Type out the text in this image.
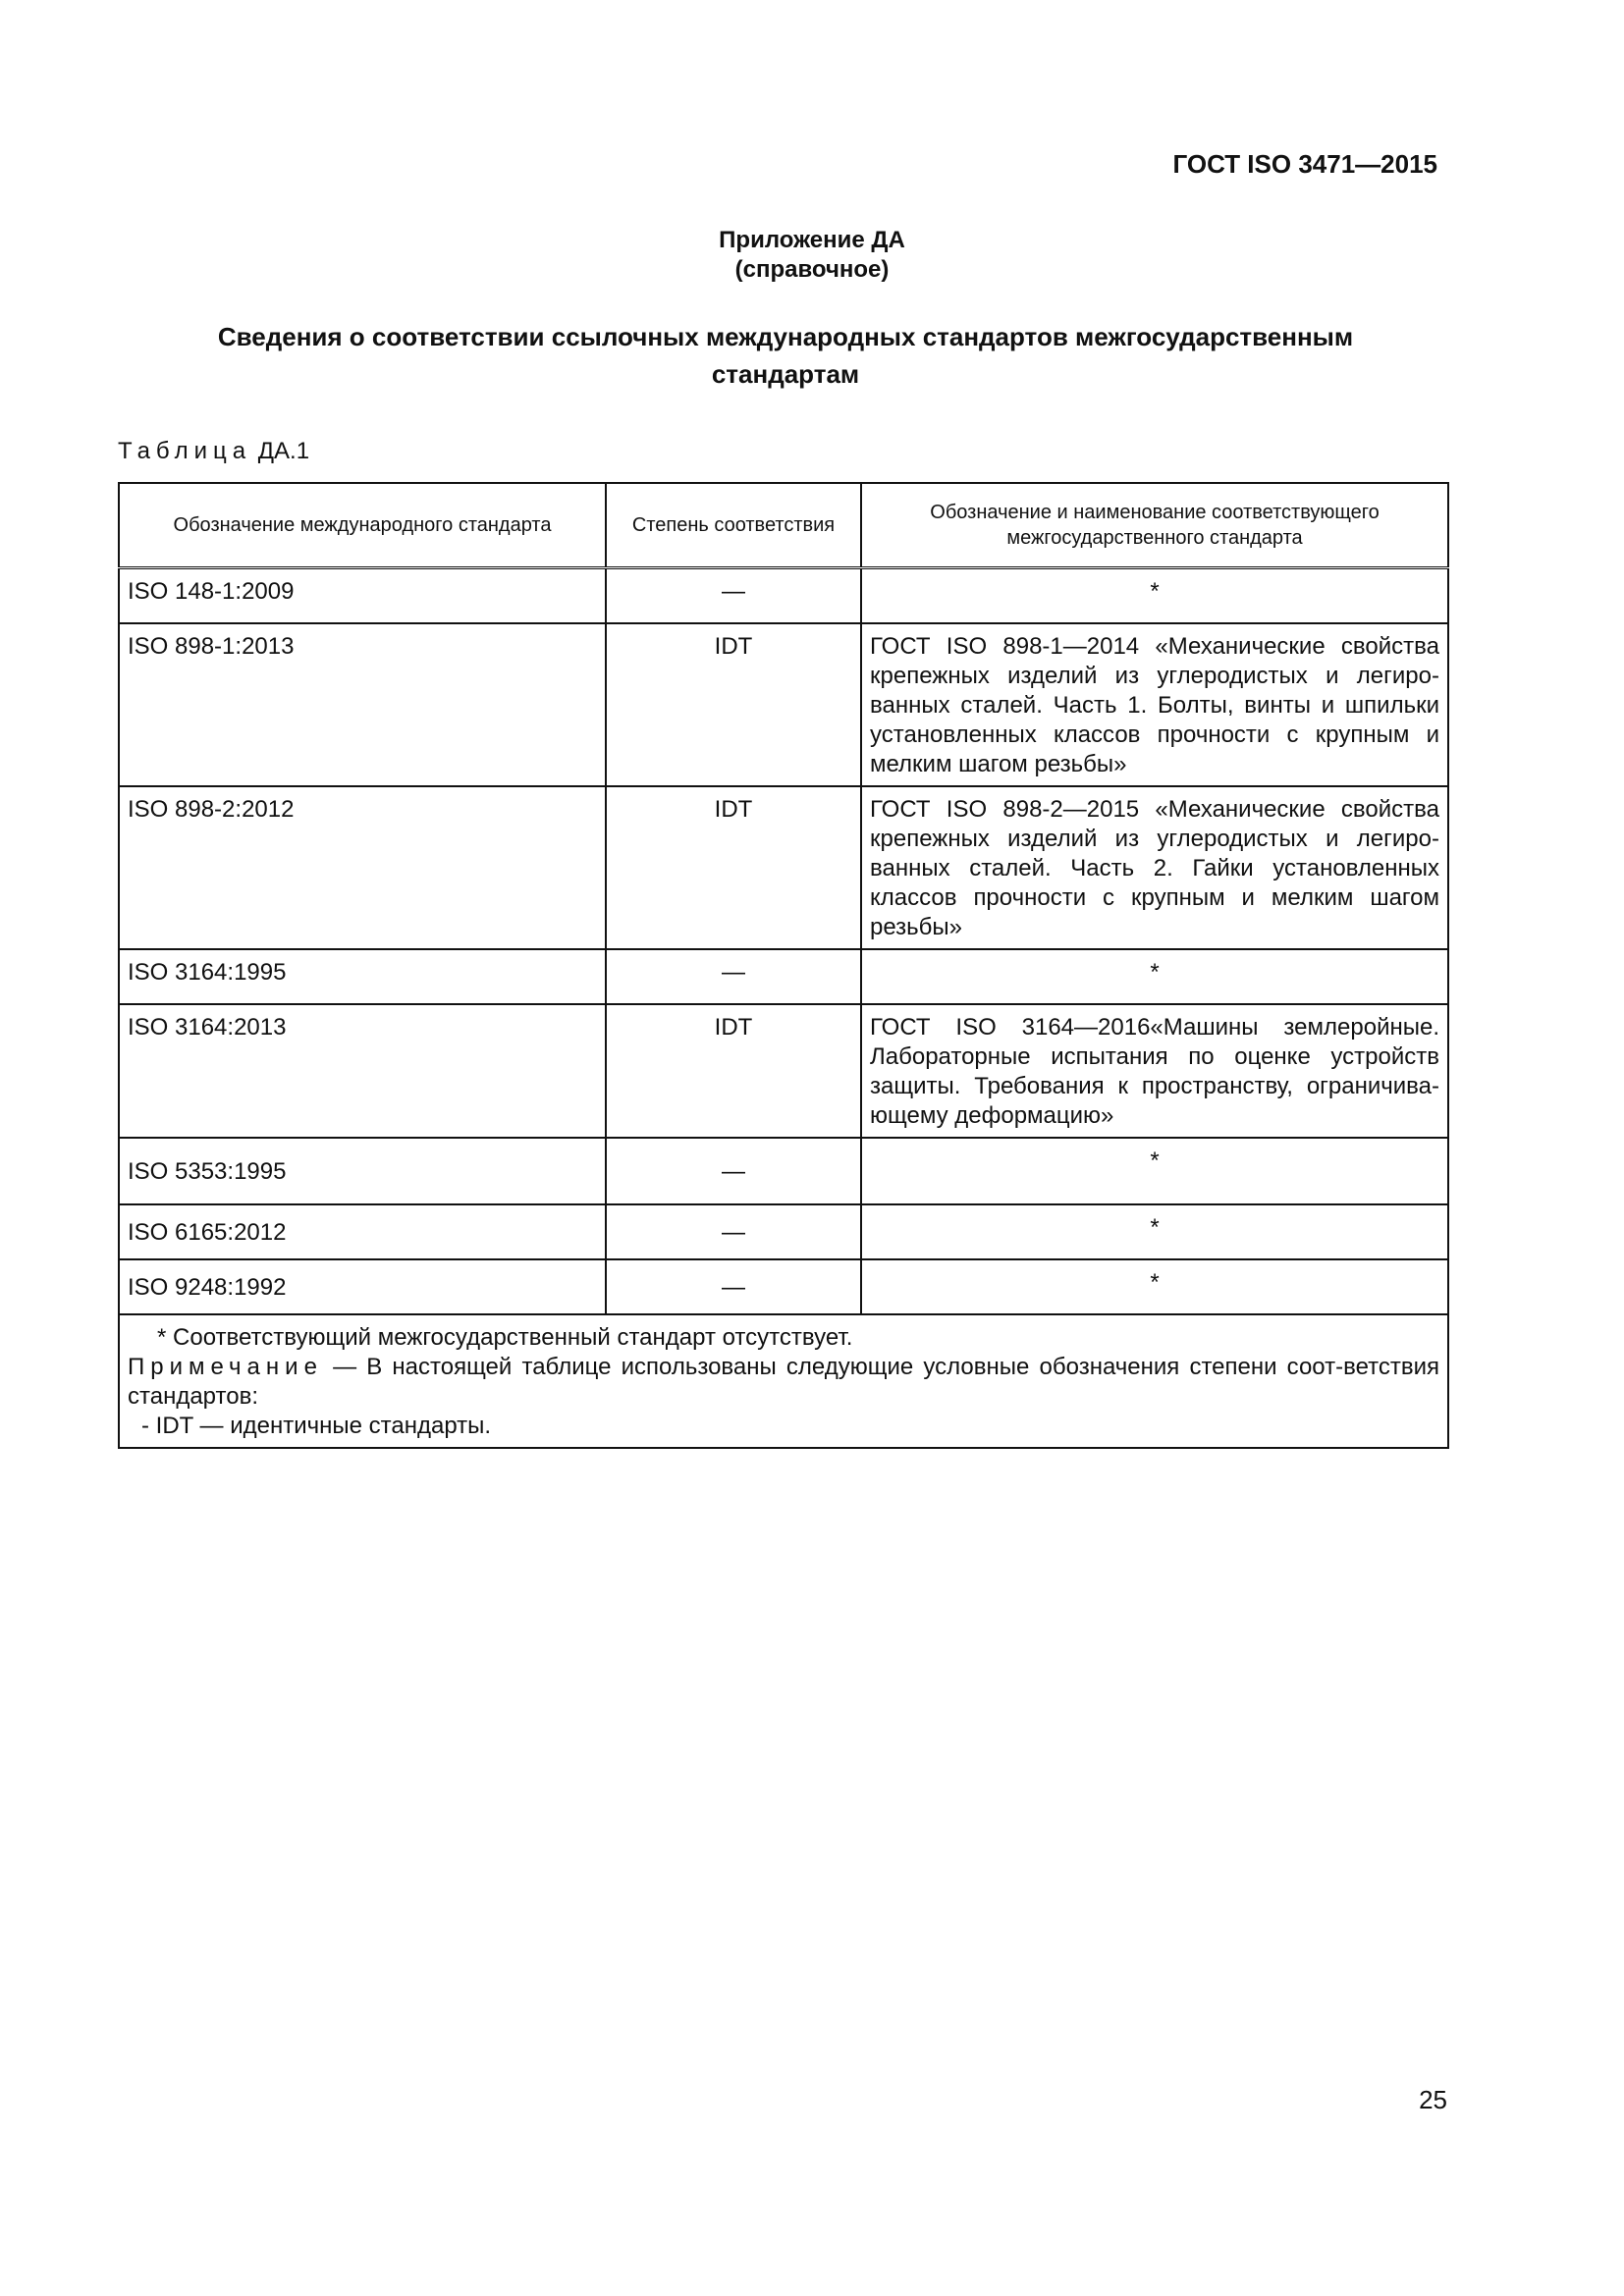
ГОСТ ISO 3471—2015
Приложение ДА
(справочное)
Сведения о соответствии ссылочных международных стандартов межгосударственным стандартам
Таблица ДА.1
Обозначение международного стандарта	Степень соответствия	Обозначение и наименование соответствующего межгосударственного стандарта
ISO 148-1:2009	—	*
ISO 898-1:2013	IDT	ГОСТ ISO 898-1—2014 «Механические свойства крепежных изделий из углеродистых и легиро-ванных сталей. Часть 1. Болты, винты и шпильки установленных классов прочности с крупным и мелким шагом резьбы»
ISO 898-2:2012	IDT	ГОСТ ISO 898-2—2015 «Механические свойства крепежных изделий из углеродистых и легиро-ванных сталей. Часть 2. Гайки установленных классов прочности с крупным и мелким шагом резьбы»
ISO 3164:1995	—	*
ISO 3164:2013	IDT	ГОСТ ISO 3164—2016«Машины землеройные. Лабораторные испытания по оценке устройств защиты. Требования к пространству, ограничива-ющему деформацию»
ISO 5353:1995	—	*
ISO 6165:2012	—	*
ISO 9248:1992	—	*

* Соответствующий межгосударственный стандарт отсутствует.
Примечание — В настоящей таблице использованы следующие условные обозначения степени соот-ветствия стандартов:
- IDT — идентичные стандарты.		
25
